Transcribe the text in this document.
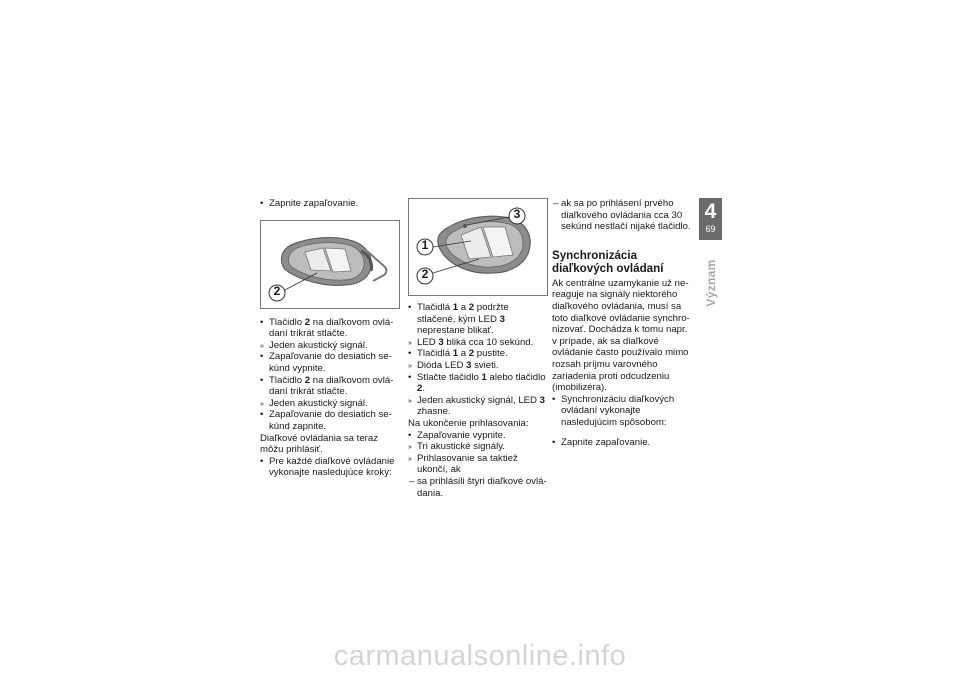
• Zapnite zapaľovanie.

2

• Tlačidlo 2 na diaľkovom ovládaní trikrát stlačte.

» Jeden akustický signál.

• Zapaľovanie do desiatich sekúnd vypnite.

• Tlačidlo 2 na diaľkovom ovládaní trikrát stlačte.

» Jeden akustický signál.

• Zapaľovanie do desiatich sekúnd zapnite.

Diaľkové ovládania sa teraz môžu prihlásiť.

• Pre každé diaľkové ovládanie vykonajte nasledujúce kroky:

3
1
2

• Tlačidlá 1 a 2 podržte stlačené, kým LED 3 neprestane blikať.

» LED 3 bliká cca 10 sekúnd.

• Tlačidlá 1 a 2 pustite.

» Dióda LED 3 svieti.

• Stlačte tlačidlo 1 alebo tlačidlo 2.

» Jeden akustický signál, LED 3 zhasne.

Na ukončenie prihlasovania:

• Zapaľovanie vypnite.

» Tri akustické signály.

» Prihlasovanie sa taktiež ukončí, ak

– sa prihlásili štyri diaľkové ovládania.

– ak sa po prihlásení prvého diaľkového ovládania cca 30 sekúnd nestlačí nijaké tlačidlo.

Synchronizácia diaľkových ovládaní

Ak centrálne uzamykanie už nereaguje na signály niektorého diaľkového ovládania, musí sa toto diaľkové ovládanie synchronizovať. Dochádza k tomu napr. v prípade, ak sa diaľkové ovládanie často používalo mimo rozsah príjmu varovného zariadenia proti odcudzeniu (imobilizéra).

• Synchronizáciu diaľkových ovládaní vykonajte nasledujúcim spôsobom:

• Zapnite zapaľovanie.

4
69
Význam
carmanualsonline.info
